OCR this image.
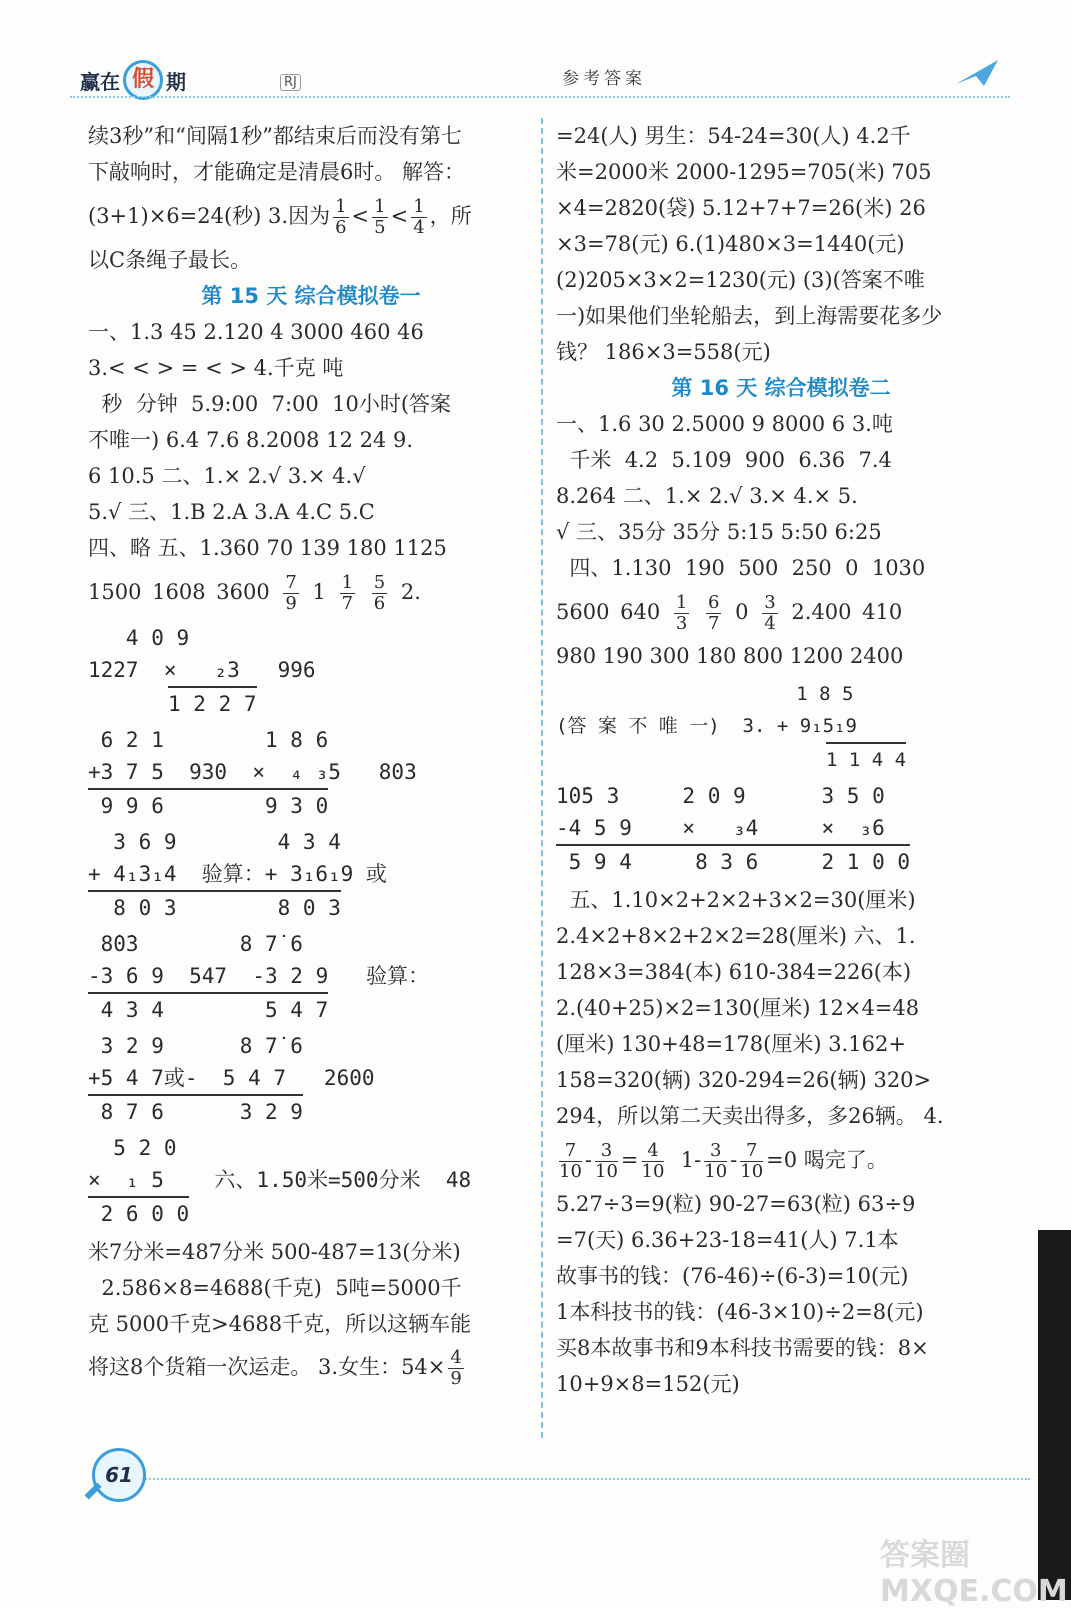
赢在 假 期	RJ	参考答案

续3秒”和“间隔1秒”都结束后而没有第七

下敲响时，才能确定是清晨6时。 解答：

(3+1)×6=24(秒) 3.因为 $\frac{1}{6} < \frac{1}{5} < \frac{1}{4}$ ，所

以C条绳子最长。

第 15 天 综合模拟卷一

一、1.3 45 2.120 4 3000 460 46

3.< < > = < > 4.千克 吨

秒  分钟  5.9:00  7:00  10小时(答案

不唯一) 6.4 7.6 8.2008 12 24 9.

6 10.5 二、1.× 2.√ 3.× 4.√

5.√ 三、1.B 2.A 3.A 4.C 5.C

四、略 五、1.360 70 139 180 1125

1500 1608 $3600 \frac{7}{9} 1 \frac{1}{7}$
$\frac{5}{6} 2$.

4 0 9
1227  ×   ₂3   996
1 2 2 7
6 2 1        1 8 6
+3 7 5  930  ×  ₄ ₃5   803
9 9 6        9 3 0
3 6 9        4 3 4
+ 4₁3₁4  验算：+ 3₁6₁9 或
8 0 3        8 0 3
8̇0̇3        8 7̇ 6
-3 6 9  547  -3 2 9   验算：
4 3 4        5 4 7
3 2 9      8 7̇ 6
+5 4 7或-  5 4 7   2600
8 7 6      3 2 9
5 2 0
×  ₁ 5    六、1.50米=500分米  48
2 6 0 0

米7分米=487分米 500-487=13(分米)

2.586×8=4688(千克)  5吨=5000千

克 5000千克>4688千克，所以这辆车能

将这8个货箱一次运走。 3.女生：$54\times \frac{4}{9}$

=24(人) 男生：54-24=30(人) 4.2千

米=2000米 2000-1295=705(米) 705

×4=2820(袋) 5.12+7+7=26(米) 26

×3=78(元) 6.(1)480×3=1440(元)

(2)205×3×2=1230(元) (3)(答案不唯

一)如果他们坐轮船去，到上海需要花多少

钱？ 186×3=558(元)

第 16 天 综合模拟卷二

一、1.6 30 2.5000 9 8000 6 3.吨

千米  4.2  5.109  900  6.36  7.4

8.264 二、1.× 2.√ 3.× 4.× 5.

√ 三、35分 35分 5:15 5:50 6:25

四、1.130  190  500  250  0  1030

5600 $640 \frac{1}{3}$
$\frac{6}{7} 0 \frac{3}{4} 2.400$ 410

980 190 300 180 800 1200 2400

1 8 5
(答 案 不 唯 一)  3. + 9₁5₁9
1 1 4 4
1̇0̇5 3     2 0 9      3 5 0
-4 5 9    ×   ₃4     ×  ₃6
5 9 4     8 3 6     2 1 0 0

五、1.10×2+2×2+3×2=30(厘米)

2.4×2+8×2+2×2=28(厘米) 六、1.

128×3=384(本) 610-384=226(本)

2.(40+25)×2=130(厘米) 12×4=48

(厘米) 130+48=178(厘米) 3.162+

158=320(辆) 320-294=26(辆) 320>

294，所以第二天卖出得多，多26辆。 4.

$\frac{7}{10} - \frac{3}{10} = \frac{4}{10} 1- \frac{3}{10} - \frac{7}{10} =0$ 喝完了。

5.27÷3=9(粒) 90-27=63(粒) 63÷9

=7(天) 6.36+23-18=41(人) 7.1本

故事书的钱：(76-46)÷(6-3)=10(元)

1本科技书的钱：(46-3×10)÷2=8(元)

买8本故事书和9本科技书需要的钱：8×

10+9×8=152(元)

61
答案圈 MXQE.COM
